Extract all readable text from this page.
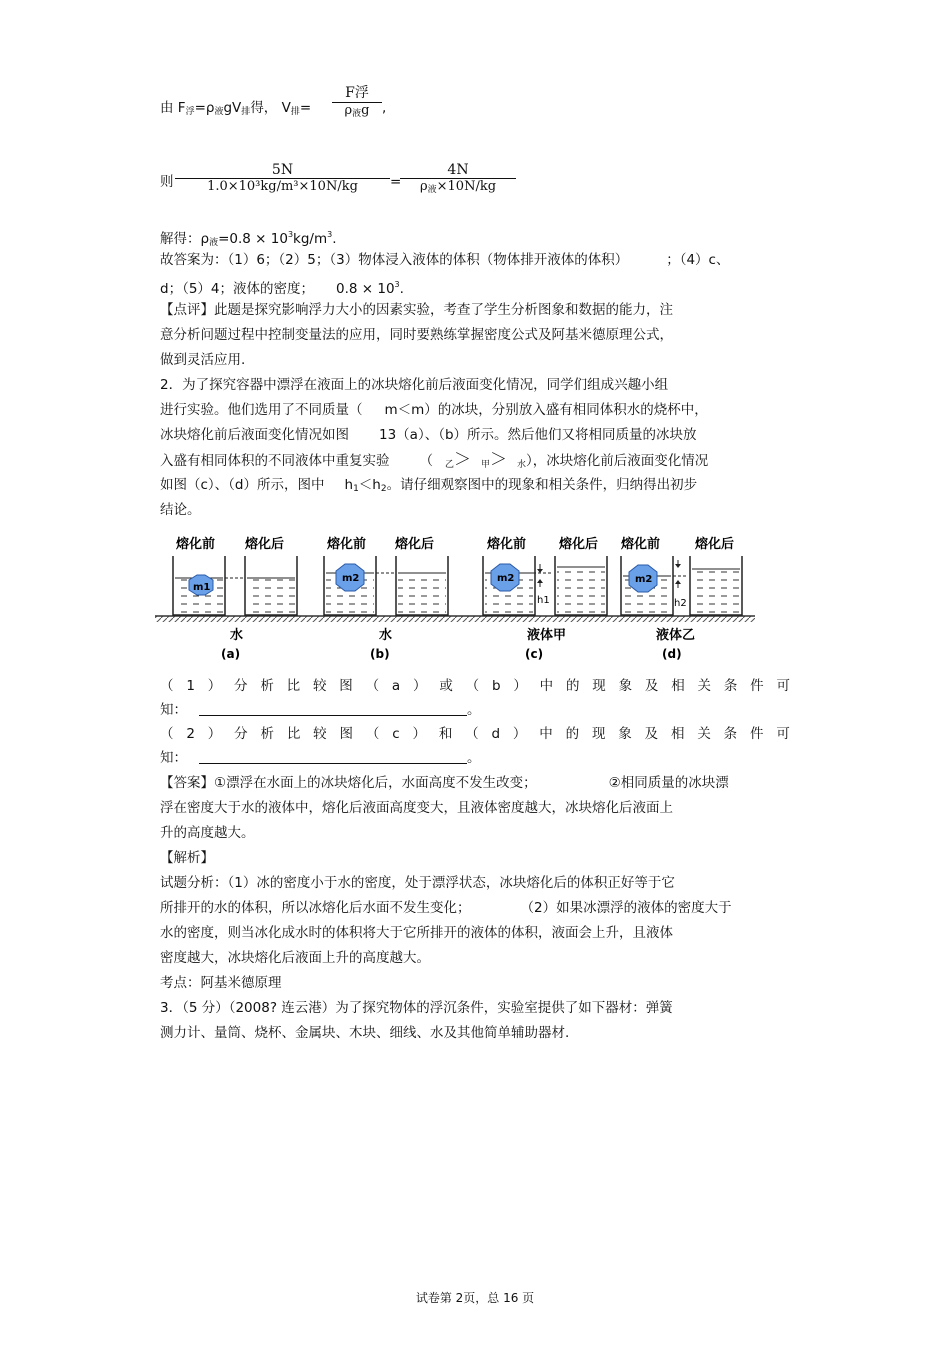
由 $F_浮=\rho_液gV_排$得， $V_排=$
F浮
$\rho_液g$ ,
则
5N
1.0×10³kg/m³×10N/kg	=
4N
$\rho_液\times 10N/kg$
解得：$\rho_液=0.8 \times 10^3kg/m^3$.
故答案为：（1）6；（2）5；（3）物体浸入液体的体积（物体排开液体的体积）	；（4）c、
d；（5）4；液体的密度； $0.8 \times 10^3$.
【点评】此题是探究影响浮力大小的因素实验，考查了学生分析图象和数据的能力，注
意分析问题过程中控制变量法的应用，同时要熟练掌握密度公式及阿基米德原理公式，
做到灵活应用.
2．为了探究容器中漂浮在液面上的冰块熔化前后液面变化情况，同学们组成兴趣小组
进行实验。他们选用了不同质量（ m＜m）的冰块，分别放入盛有相同体积水的烧杯中，
冰块熔化前后液面变化情况如图 13（a）、（b）所示。然后他们又将相同质量的冰块放
入盛有相同体积的不同液体中重复实验 （ $_乙$＞ $_甲$＞ $_水$），冰块熔化前后液面变化情况
如图（c）、（d）所示，图中 $h_1<h_2$。请仔细观察图中的现象和相关条件，归纳得出初步
结论。
熔化前 熔化后
m1
水
(a)
熔化前 熔化后
m2
水
(b)
熔化前	熔化后
m2
h1
液体甲
(c)
熔化前	熔化后
m2
h2
液体乙
(d)
（ 1 ） 分 析 比 较 图 （ a ） 或 （ b ） 中 的 现 象 及 相 关 条 件 可
知：	。
（ 2 ） 分 析 比 较 图 （ c ） 和 （ d ） 中 的 现 象 及 相 关 条 件 可
知：	。
【答案】①漂浮在水面上的冰块熔化后，水面高度不发生改变；	②相同质量的冰块漂
浮在密度大于水的液体中，熔化后液面高度变大，且液体密度越大，冰块熔化后液面上
升的高度越大。
【解析】
试题分析：（1）冰的密度小于水的密度，处于漂浮状态，冰块熔化后的体积正好等于它
所排开的水的体积，所以冰熔化后水面不发生变化；	（2）如果冰漂浮的液体的密度大于
水的密度，则当冰化成水时的体积将大于它所排开的液体的体积，液面会上升，且液体
密度越大，冰块熔化后液面上升的高度越大。
考点：阿基米德原理
3．（5 分）（2008? 连云港）为了探究物体的浮沉条件，实验室提供了如下器材：弹簧
测力计、量筒、烧杯、金属块、木块、细线、水及其他简单辅助器材.
试卷第 2页，总 16 页
